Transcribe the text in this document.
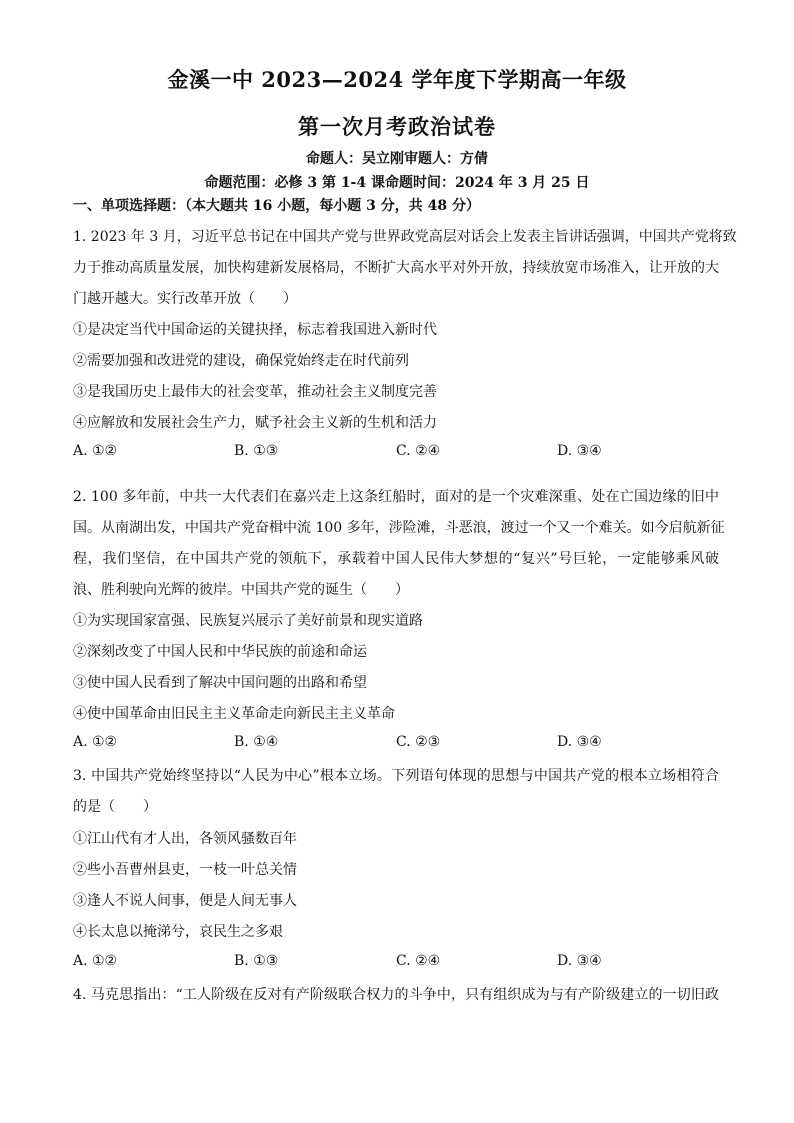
金溪一中 2023—2024 学年度下学期高一年级
第一次月考政治试卷
命题人：吴立刚审题人：方倩
命题范围：必修 3 第 1-4 课命题时间：2024 年 3 月 25 日
一、单项选择题：（本大题共 16 小题，每小题 3 分，共 48 分）
1. 2023 年 3 月，习近平总书记在中国共产党与世界政党高层对话会上发表主旨讲话强调，中国共产党将致
力于推动高质量发展，加快构建新发展格局，不断扩大高水平对外开放，持续放宽市场准入，让开放的大
门越开越大。实行改革开放（　　）
①是决定当代中国命运的关键抉择，标志着我国进入新时代
②需要加强和改进党的建设，确保党始终走在时代前列
③是我国历史上最伟大的社会变革，推动社会主义制度完善
④应解放和发展社会生产力，赋予社会主义新的生机和活力
A. ①②	B. ①③	C. ②④	D. ③④
2. 100 多年前，中共一大代表们在嘉兴走上这条红船时，面对的是一个灾难深重、处在亡国边缘的旧中
国。从南湖出发，中国共产党奋楫中流 100 多年，涉险滩，斗恶浪，渡过一个又一个难关。如今启航新征
程，我们坚信，在中国共产党的领航下，承载着中国人民伟大梦想的“复兴”号巨轮，一定能够乘风破
浪、胜利驶向光辉的彼岸。中国共产党的诞生（　　）
①为实现国家富强、民族复兴展示了美好前景和现实道路
②深刻改变了中国人民和中华民族的前途和命运
③使中国人民看到了解决中国问题的出路和希望
④使中国革命由旧民主主义革命走向新民主主义革命
A. ①②	B. ①④	C. ②③	D. ③④
3. 中国共产党始终坚持以“人民为中心”根本立场。下列语句体现的思想与中国共产党的根本立场相符合
的是（　　）
①江山代有才人出，各领风骚数百年
②些小吾曹州县吏，一枝一叶总关情
③逢人不说人间事，便是人间无事人
④长太息以掩涕兮，哀民生之多艰
A. ①②	B. ①③	C. ②④	D. ③④
4. 马克思指出：“工人阶级在反对有产阶级联合权力的斗争中，只有组织成为与有产阶级建立的一切旧政
